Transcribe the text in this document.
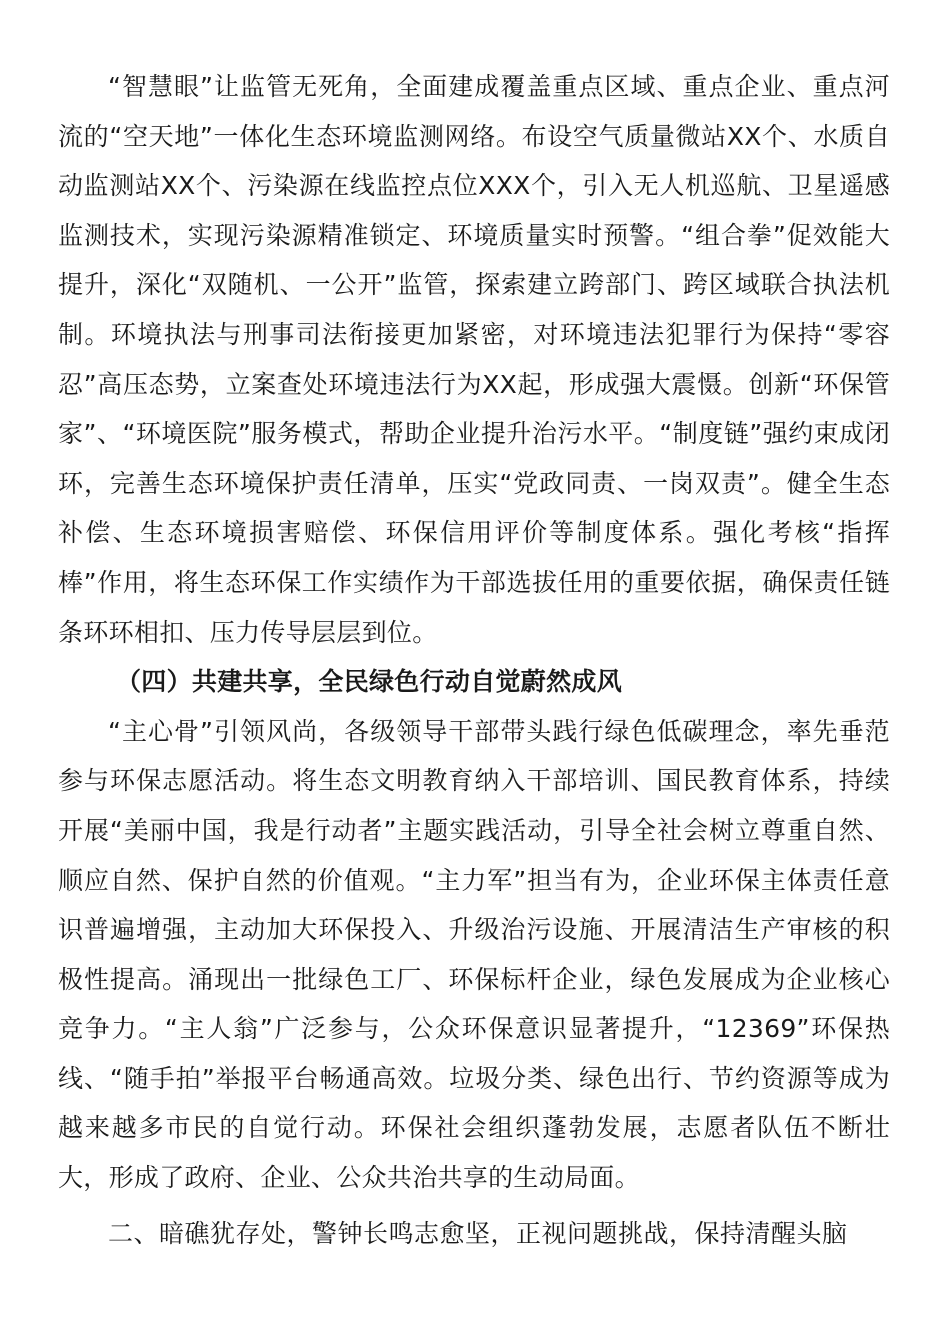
“智慧眼”让监管无死角，全面建成覆盖重点区域、重点企业、重点河流的“空天地”一体化生态环境监测网络。布设空气质量微站XX个、水质自动监测站XX个、污染源在线监控点位XXX个，引入无人机巡航、卫星遥感监测技术，实现污染源精准锁定、环境质量实时预警。“组合拳”促效能大提升，深化“双随机、一公开”监管，探索建立跨部门、跨区域联合执法机制。环境执法与刑事司法衔接更加紧密，对环境违法犯罪行为保持“零容忍”高压态势，立案查处环境违法行为XX起，形成强大震慑。创新“环保管家”、“环境医院”服务模式，帮助企业提升治污水平。“制度链”强约束成闭环，完善生态环境保护责任清单，压实“党政同责、一岗双责”。健全生态补偿、生态环境损害赔偿、环保信用评价等制度体系。强化考核“指挥棒”作用，将生态环保工作实绩作为干部选拔任用的重要依据，确保责任链条环环相扣、压力传导层层到位。

（四）共建共享，全民绿色行动自觉蔚然成风

“主心骨”引领风尚，各级领导干部带头践行绿色低碳理念，率先垂范参与环保志愿活动。将生态文明教育纳入干部培训、国民教育体系，持续开展“美丽中国，我是行动者”主题实践活动，引导全社会树立尊重自然、顺应自然、保护自然的价值观。“主力军”担当有为，企业环保主体责任意识普遍增强，主动加大环保投入、升级治污设施、开展清洁生产审核的积极性提高。涌现出一批绿色工厂、环保标杆企业，绿色发展成为企业核心竞争力。“主人翁”广泛参与，公众环保意识显著提升，“12369”环保热线、“随手拍”举报平台畅通高效。垃圾分类、绿色出行、节约资源等成为越来越多市民的自觉行动。环保社会组织蓬勃发展，志愿者队伍不断壮大，形成了政府、企业、公众共治共享的生动局面。

二、暗礁犹存处，警钟长鸣志愈坚，正视问题挑战，保持清醒头脑
